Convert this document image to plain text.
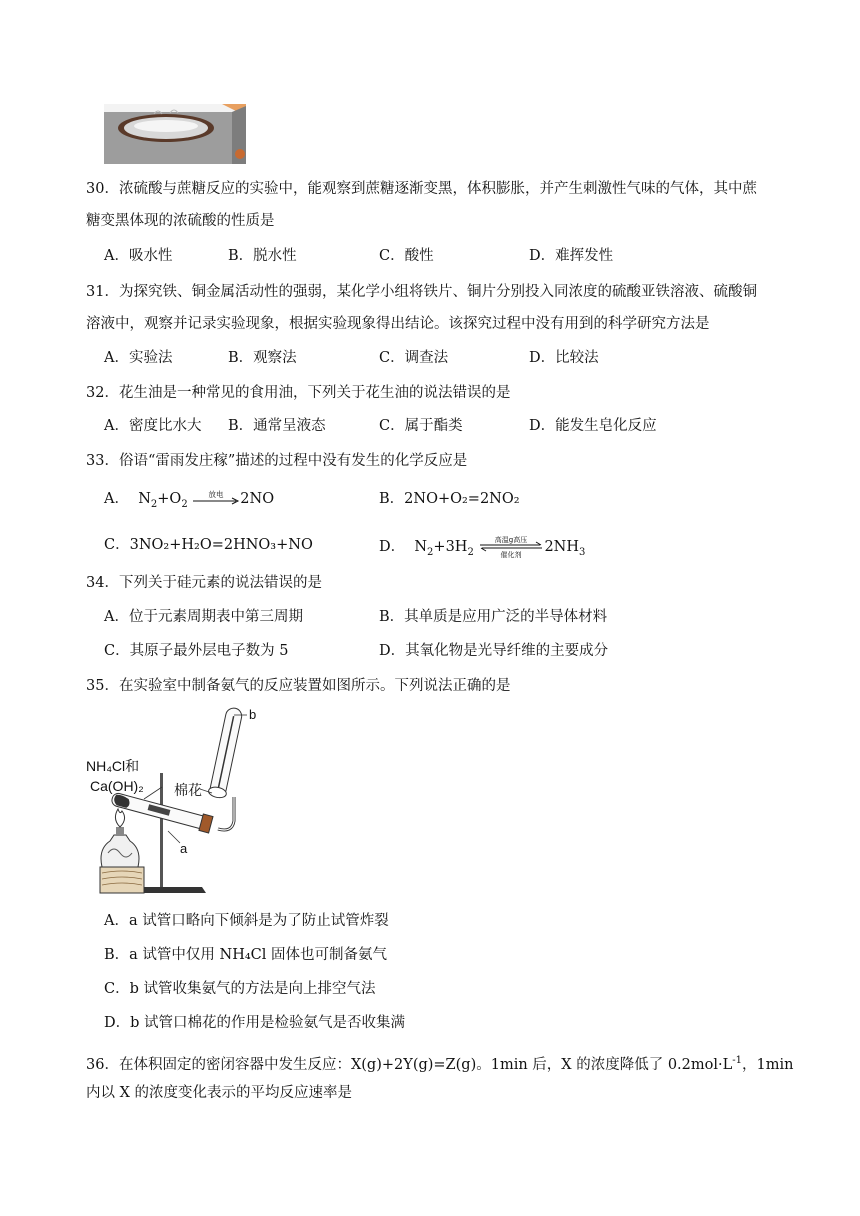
30．浓硫酸与蔗糖反应的实验中，能观察到蔗糖逐渐变黑，体积膨胀，并产生刺激性气味的气体，其中蔗
糖变黑体现的浓硫酸的性质是
A．吸水性	B．脱水性	C．酸性	D．难挥发性
31．为探究铁、铜金属活动性的强弱，某化学小组将铁片、铜片分别投入同浓度的硫酸亚铁溶液、硫酸铜
溶液中，观察并记录实验现象，根据实验现象得出结论。该探究过程中没有用到的科学研究方法是
A．实验法	B．观察法	C．调查法	D．比较法
32．花生油是一种常见的食用油，下列关于花生油的说法错误的是
A．密度比水大 B．通常呈液态	C．属于酯类	D．能发生皂化反应
33．俗语“雷雨发庄稼”描述的过程中没有发生的化学反应是
A．  $N_2+O_2$
放电 2NO	B．2NO+O₂=2NO₂
C．3NO₂+H₂O=2HNO₃+NO	D．  $N_2+3H_2$
高温g高压
催化剂 $2NH_3$
34．下列关于硅元素的说法错误的是
A．位于元素周期表中第三周期	B．其单质是应用广泛的半导体材料
C．其原子最外层电子数为 5	D．其氧化物是光导纤维的主要成分
35．在实验室中制备氨气的反应装置如图所示。下列说法正确的是
NH₄Cl和
Ca(OH)₂ 棉花
a
b
A．a 试管口略向下倾斜是为了防止试管炸裂
B．a 试管中仅用 NH₄Cl 固体也可制备氨气
C．b 试管收集氨气的方法是向上排空气法
D．b 试管口棉花的作用是检验氨气是否收集满
36．在体积固定的密闭容器中发生反应：X(g)+2Y(g)=Z(g)。1min 后，X 的浓度降低了 $0.2mol\cdot L^{-1}$，1min
内以 X 的浓度变化表示的平均反应速率是
